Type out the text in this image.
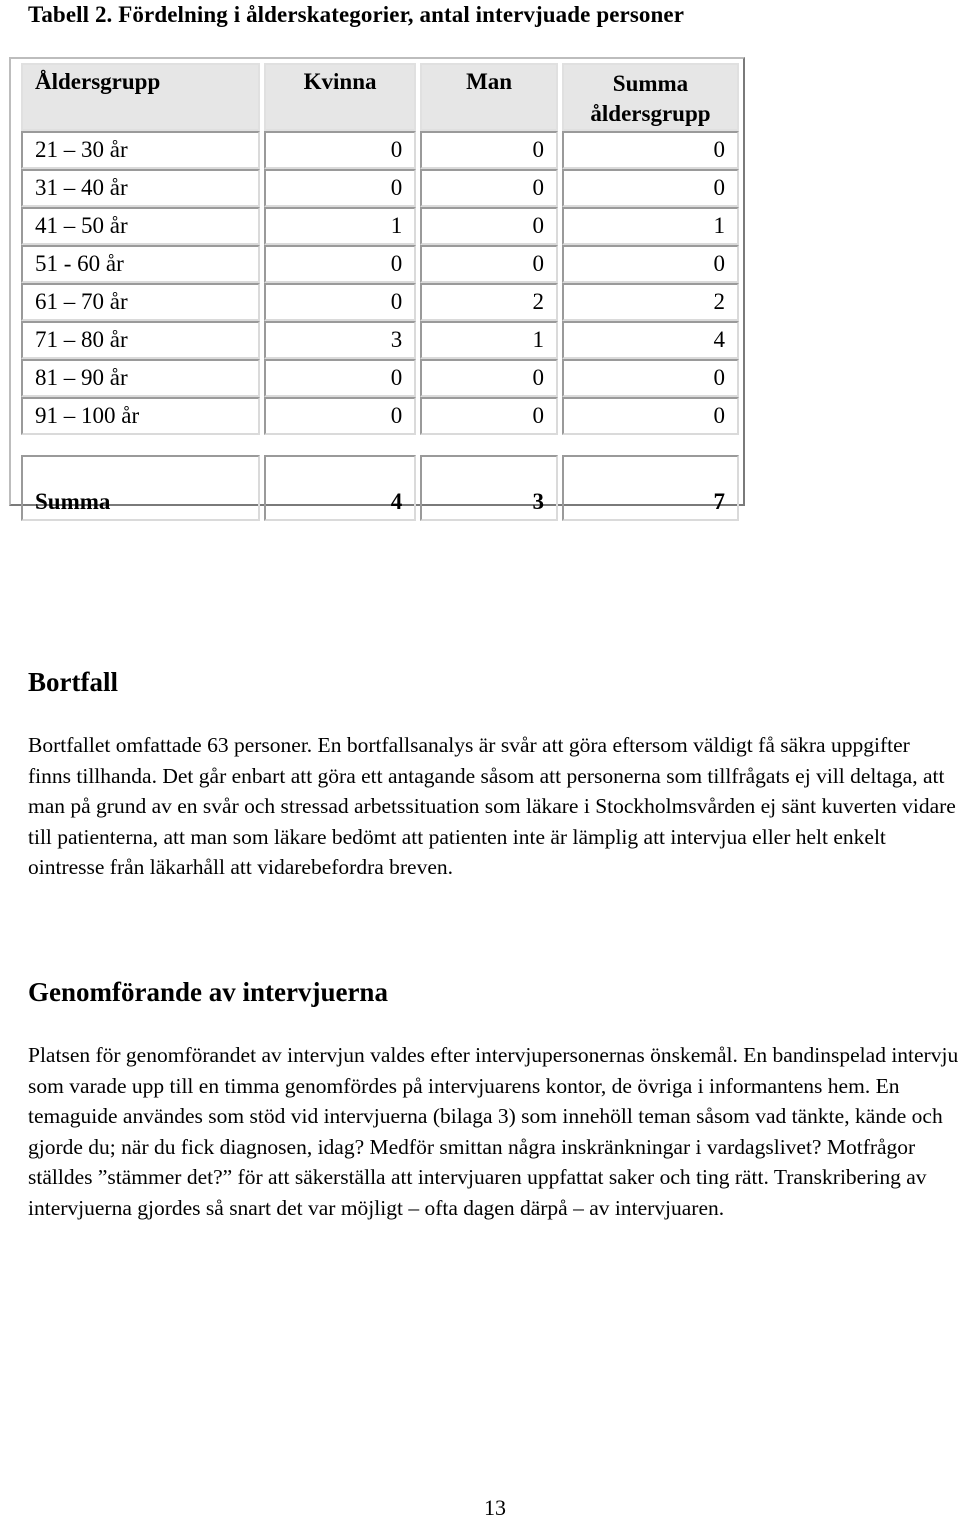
Tabell 2. Fördelning i ålderskategorier, antal intervjuade personer
Åldersgrupp	Kvinna	Man	Summa åldersgrupp
21 – 30 år	0	0	0
31 – 40 år	0	0	0
41 – 50 år	1	0	1
51 - 60 år	0	0	0
61 – 70 år	0	2	2
71 – 80 år	3	1	4
81 – 90 år	0	0	0
91 – 100 år	0	0	0

Summa	4	3	7
Bortfall

Bortfallet omfattade 63 personer. En bortfallsanalys är svår att göra eftersom väldigt få säkra uppgifter finns tillhanda. Det går enbart att göra ett antagande såsom att personerna som tillfrågats ej vill deltaga, att man på grund av en svår och stressad arbetssituation som läkare i Stockholmsvården ej sänt kuverten vidare till patienterna, att man som läkare bedömt att patienten inte är lämplig att intervjua eller helt enkelt ointresse från läkarhåll att vidarebefordra breven.

Genomförande av intervjuerna

Platsen för genomförandet av intervjun valdes efter intervjupersonernas önskemål. En bandinspelad intervju som varade upp till en timma genomfördes på intervjuarens kontor, de övriga i informantens hem. En temaguide användes som stöd vid intervjuerna (bilaga 3) som innehöll teman såsom vad tänkte, kände och gjorde du; när du fick diagnosen, idag? Medför smittan några inskränkningar i vardagslivet? Motfrågor ställdes ”stämmer det?” för att säkerställa att intervjuaren uppfattat saker och ting rätt. Transkribering av intervjuerna gjordes så snart det var möjligt – ofta dagen därpå – av intervjuaren.

13
